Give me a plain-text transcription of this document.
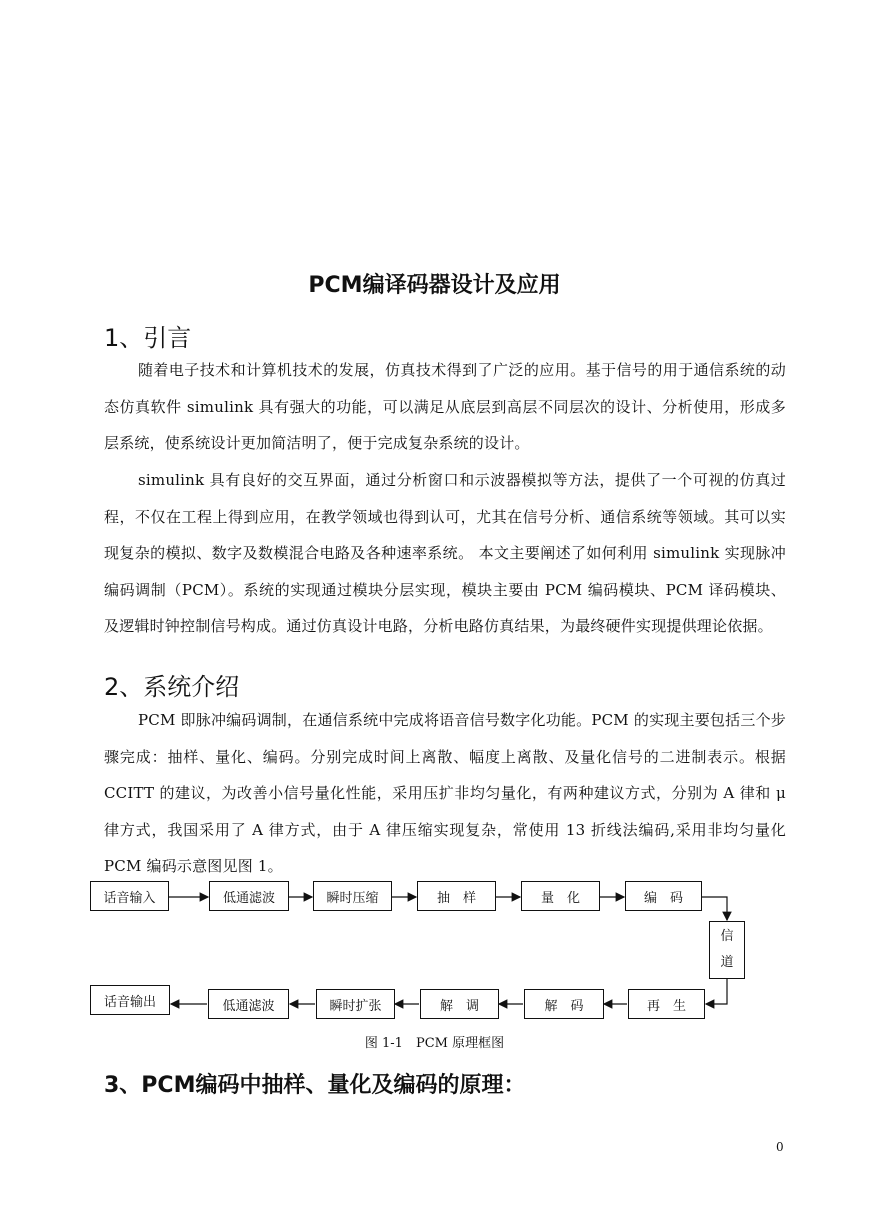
PCM编译码器设计及应用
1、引言

随着电子技术和计算机技术的发展，仿真技术得到了广泛的应用。基于信号的用于通信系统的动态仿真软件 simulink 具有强大的功能，可以满足从底层到高层不同层次的设计、分析使用，形成多层系统，使系统设计更加简洁明了，便于完成复杂系统的设计。

simulink 具有良好的交互界面，通过分析窗口和示波器模拟等方法，提供了一个可视的仿真过程，不仅在工程上得到应用，在教学领域也得到认可，尤其在信号分析、通信系统等领域。其可以实现复杂的模拟、数字及数模混合电路及各种速率系统。 本文主要阐述了如何利用 simulink 实现脉冲编码调制（PCM）。系统的实现通过模块分层实现，模块主要由 PCM 编码模块、PCM 译码模块、及逻辑时钟控制信号构成。通过仿真设计电路，分析电路仿真结果，为最终硬件实现提供理论依据。

2、系统介绍

PCM 即脉冲编码调制，在通信系统中完成将语音信号数字化功能。PCM 的实现主要包括三个步骤完成：抽样、量化、编码。分别完成时间上离散、幅度上离散、及量化信号的二进制表示。根据 CCITT 的建议，为改善小信号量化性能，采用压扩非均匀量化，有两种建议方式，分别为 A 律和 μ 律方式，我国采用了 A 律方式，由于 A 律压缩实现复杂，常使用 13 折线法编码,采用非均匀量化 PCM 编码示意图见图 1。

话音输入	低通滤波	瞬时压缩	抽　样	量　化	编　码
信
道
话音输出	低通滤波	瞬时扩张	解　调	解　码	再　生

图 1-1　PCM 原理框图

3、PCM编码中抽样、量化及编码的原理：
0
